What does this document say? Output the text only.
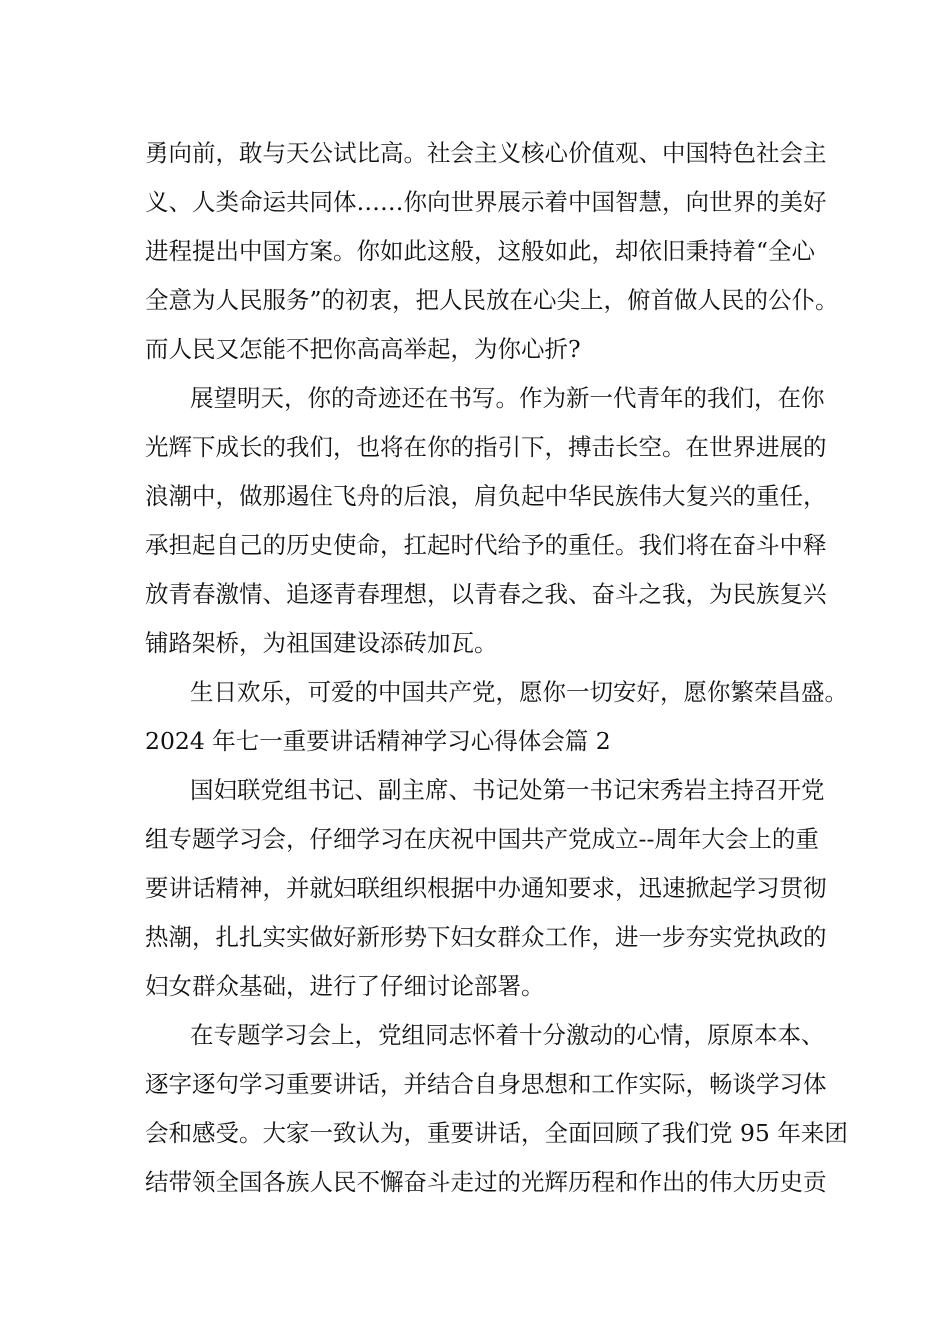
勇向前，敢与天公试比高。社会主义核心价值观、中国特色社会主
义、人类命运共同体……你向世界展示着中国智慧，向世界的美好
进程提出中国方案。你如此这般，这般如此，却依旧秉持着“全心
全意为人民服务”的初衷，把人民放在心尖上，俯首做人民的公仆。
而人民又怎能不把你高高举起，为你心折?
展望明天，你的奇迹还在书写。作为新一代青年的我们，在你
光辉下成长的我们，也将在你的指引下，搏击长空。在世界进展的
浪潮中，做那遏住飞舟的后浪，肩负起中华民族伟大复兴的重任，
承担起自己的历史使命，扛起时代给予的重任。我们将在奋斗中释
放青春激情、追逐青春理想，以青春之我、奋斗之我，为民族复兴
铺路架桥，为祖国建设添砖加瓦。
生日欢乐，可爱的中国共产党，愿你一切安好，愿你繁荣昌盛。
2024 年七一重要讲话精神学习心得体会篇 2
国妇联党组书记、副主席、书记处第一书记宋秀岩主持召开党
组专题学习会，仔细学习在庆祝中国共产党成立--周年大会上的重
要讲话精神，并就妇联组织根据中办通知要求，迅速掀起学习贯彻
热潮，扎扎实实做好新形势下妇女群众工作，进一步夯实党执政的
妇女群众基础，进行了仔细讨论部署。
在专题学习会上，党组同志怀着十分激动的心情，原原本本、
逐字逐句学习重要讲话，并结合自身思想和工作实际，畅谈学习体
会和感受。大家一致认为，重要讲话，全面回顾了我们党 95 年来团
结带领全国各族人民不懈奋斗走过的光辉历程和作出的伟大历史贡
